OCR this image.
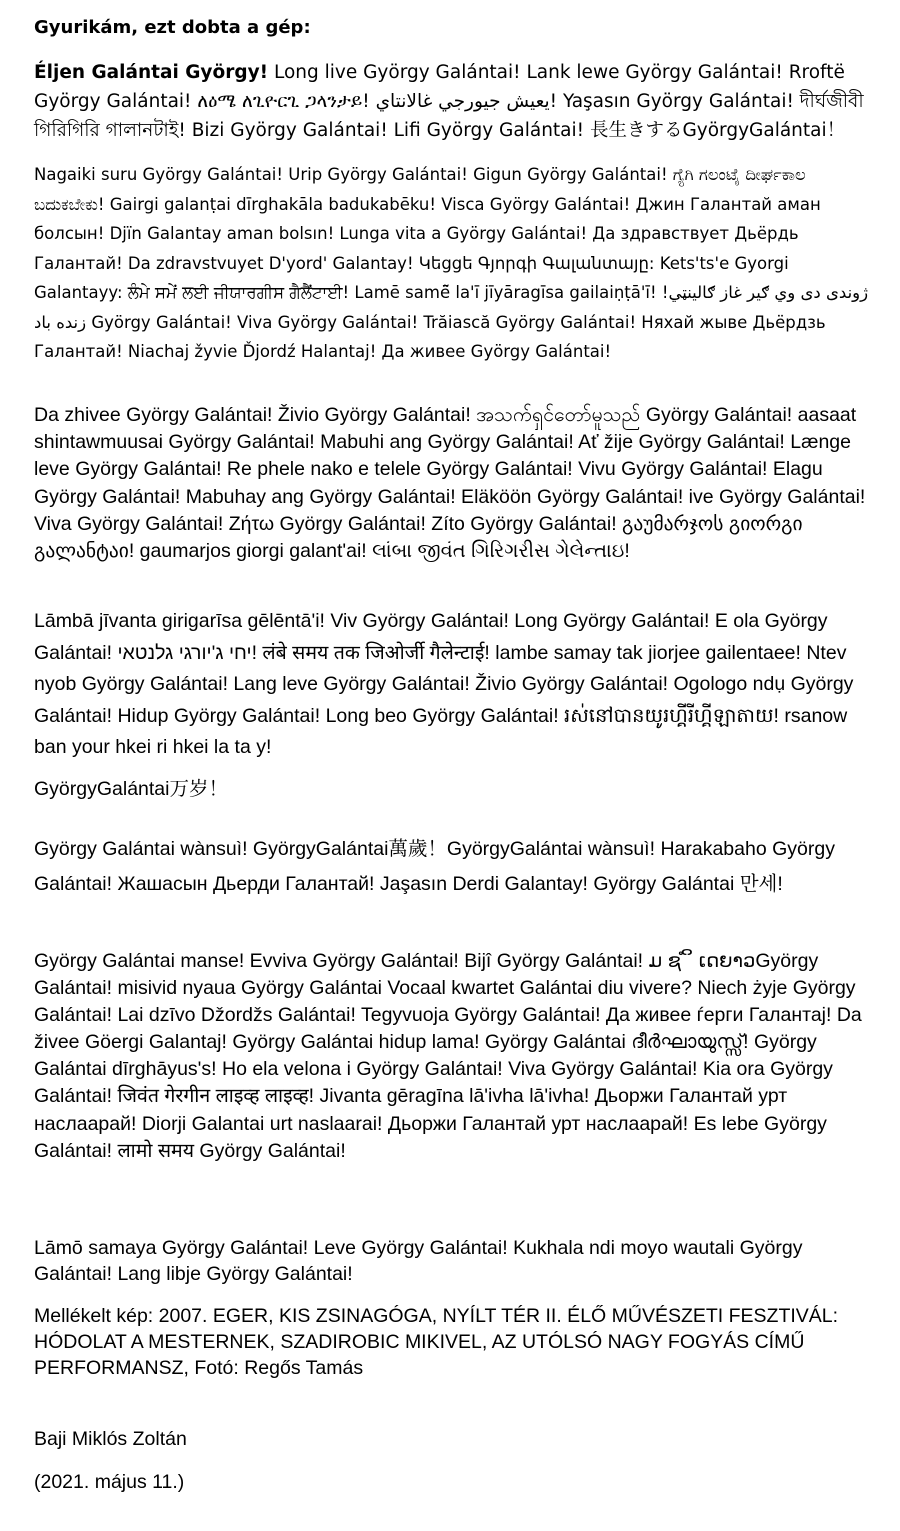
Gyurikám, ezt dobta a gép:

Éljen Galántai György! Long live György Galántai! Lank lewe György Galántai! Rroftë György Galántai! ለዕሜ ለጊዮርጊ ጋላንታይ! يعيش جيورجي غالانتاي! Yaşasın György Galántai! দীর্ঘজীবী গিরিগিরি গালানটাই! Bizi György Galántai! Lifi György Galántai! 長生きするGyörgyGalántai！

Nagaiki suru György Galántai! Urip György Galántai! Gigun György Galántai! ಗ್ಯೆಗಿ ಗಲಂಟೈ ದೀರ್ಘಕಾಲ ಬದುಕಬೇಕು! Gairgi galanṭai dīrghakāla badukabēku! Visca György Galántai! Джин Галантай аман болсын! Djïn Galantay aman bolsın! Lunga vita a György Galántai! Да здравствует Дьёрдь Галантай! Da zdravstvuyet D'yord' Galantay! Կեցցե Գյորգի Գալանտայը: Kets'ts'e Gyorgi Galantayy: ਲੰਮੇ ਸਮੇਂ ਲਈ ਜੀਯਾਰਗੀਸ ਗੈਲੈਂਟਾਈ! Lamē samē̃ la'ī jīyāragīsa gailaiṇṭā'ī! ژوندی دی وي ګیر غاز ګالینټي! زنده باد György Galántai! Viva György Galántai! Trăiască György Galántai! Няхай жыве Дьёрдзь Галантай! Niachaj žyvie Ďjordź Halantaj! Да живее György Galántai!

Da zhivee György Galántai! Živio György Galántai! အသက်ရှင်တော်မူသည် György Galántai! aasaat shintawmuusai György Galántai! Mabuhi ang György Galántai! Ať žije György Galántai! Længe leve György Galántai! Re phele nako e telele György Galántai! Vivu György Galántai! Elagu György Galántai! Mabuhay ang György Galántai! Eläköön György Galántai! ive György Galántai! Viva György Galántai! Ζήτω György Galántai! Zíto György Galántai! გაუმარჯოს გიორგი გალანტაი! gaumarjos giorgi galant'ai! લાંબા જીવંત ગિરિગરીસ ગેલેન્તાઇ!

Lāmbā jīvanta girigarīsa gēlēntā'i! Viv György Galántai! Long György Galántai! E ola György Galántai! יחי ג'יורגי גלנטאי! लंबे समय तक जिओर्जी गैलेन्टाई! lambe samay tak jiorjee gailentaee! Ntev nyob György Galántai! Lang leve György Galántai! Živio György Galántai! Ogologo ndụ György Galántai! Hidup György Galántai! Long beo György Galántai! រស់នៅបានយូរហ្គីរីហ្គីឡាតាយ! rsanow ban your hkei ri hkei la ta y!

GyörgyGalántai万岁！

György Galántai wànsuì! GyörgyGalántai萬歲！GyörgyGalántai wànsuì! Harakabaho György Galántai! Жашасын Дьерди Галантай! Jaşasın Derdi Galantay! György Galántai 만세!

György Galántai manse! Evviva György Galántai! Bijî György Galántai! ມ ຊ ໍ ິ ເດຍາວGyörgy Galántai! misivid nyaua György Galántai Vocaal kwartet Galántai diu vivere? Niech żyje György Galántai! Lai dzīvo Džordžs Galántai! Tegyvuoja György Galántai! Да живее ѓерги Галантај! Da živee Göergi Galantaj! György Galántai hidup lama! György Galántai ദീർഘായുസ്സ്! György Galántai dīrghāyus's! Ho ela velona i György Galántai! Viva György Galántai! Kia ora György Galántai! जिवंत गेरगीन लाइव्ह लाइव्ह! Jivanta gēragīna lā'ivha lā'ivha! Дьоржи Галантай урт наслаарай! Diorji Galantai urt naslaarai! Дьоржи Галантай урт наслаарай! Es lebe György Galántai! लामो समय György Galántai!

Lāmō samaya György Galántai! Leve György Galántai! Kukhala ndi moyo wautali György Galántai! Lang libje György Galántai!

Mellékelt kép: 2007. EGER, KIS ZSINAGÓGA, NYÍLT TÉR II. ÉLŐ MŰVÉSZETI FESZTIVÁL: HÓDOLAT A MESTERNEK, SZADIROBIC MIKIVEL, AZ UTÓLSÓ NAGY FOGYÁS CÍMŰ PERFORMANSZ, Fotó: Regős Tamás

Baji Miklós Zoltán

(2021. május 11.)
